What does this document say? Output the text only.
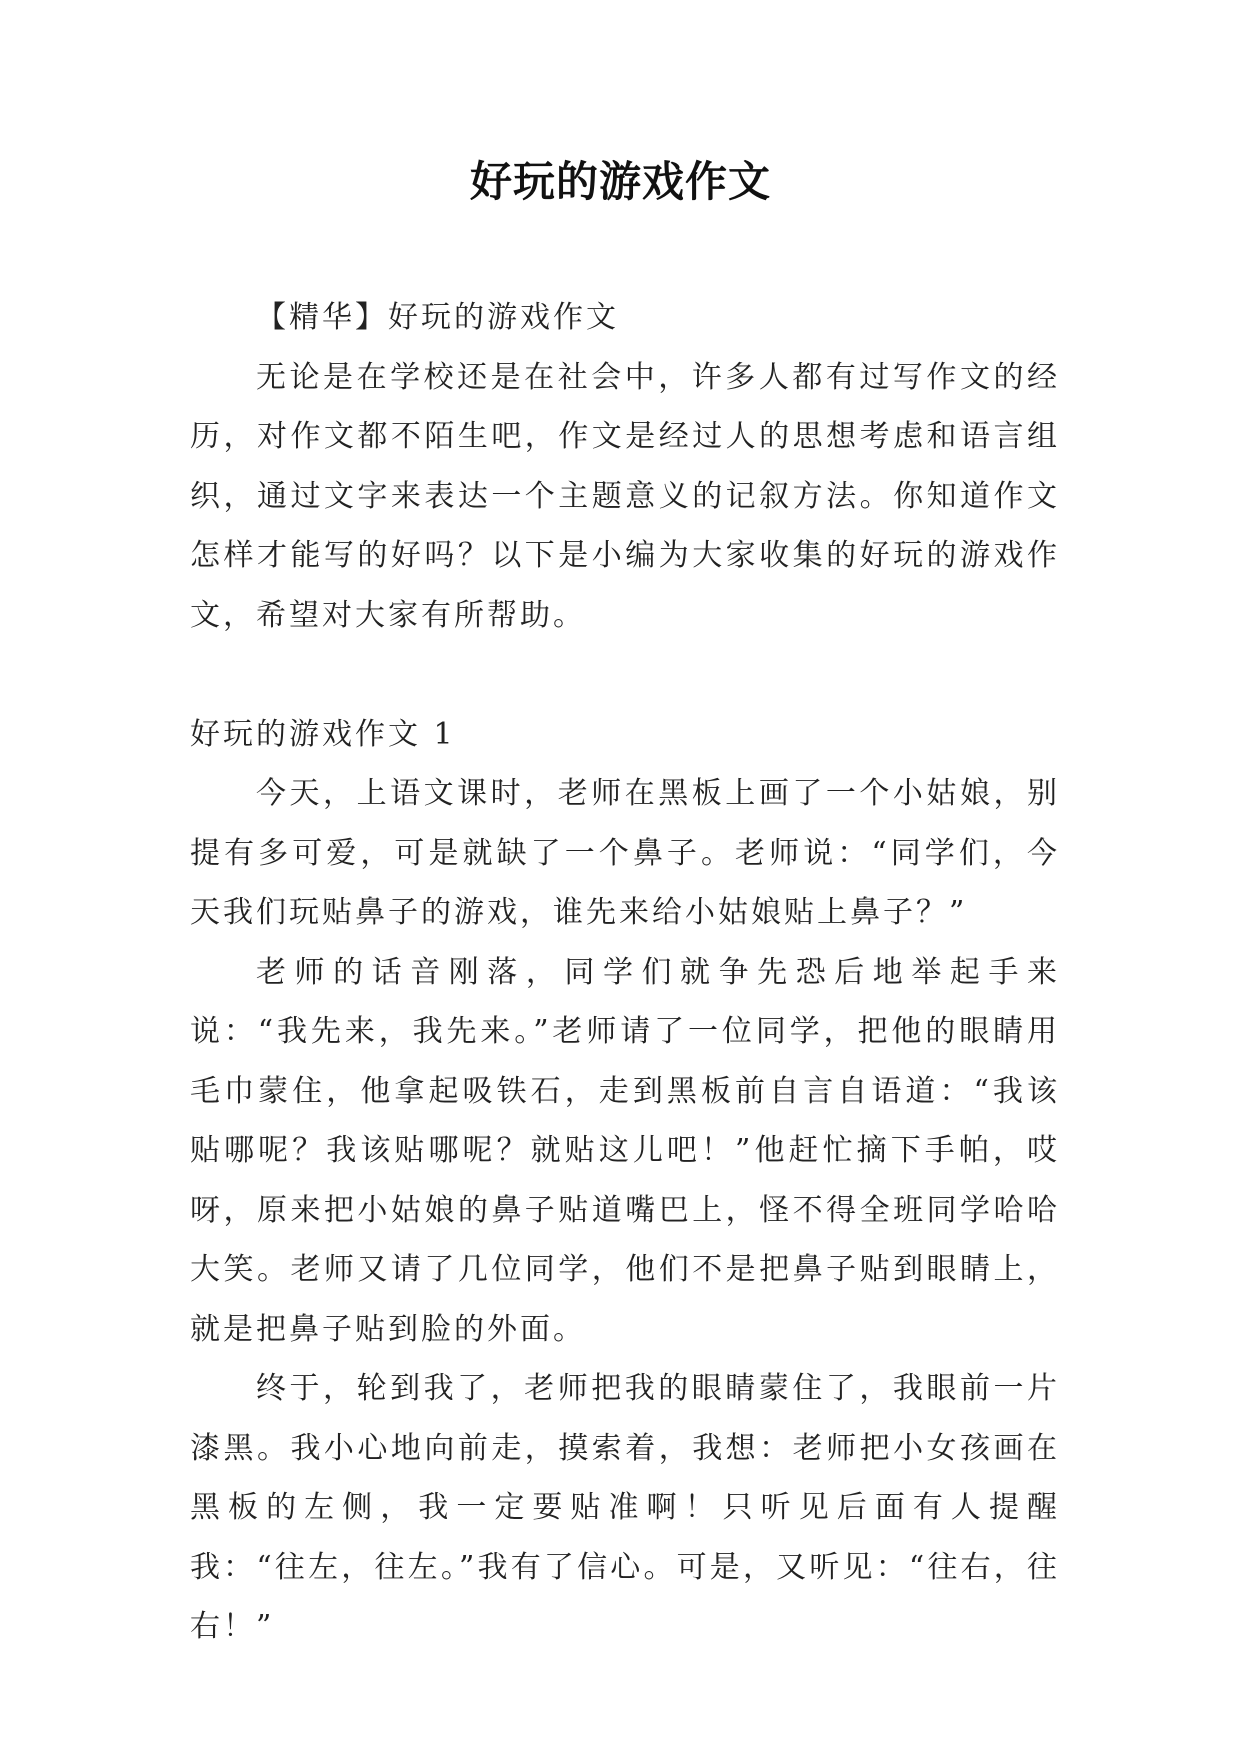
好玩的游戏作文

【精华】好玩的游戏作文

无论是在学校还是在社会中，许多人都有过写作文的经历，对作文都不陌生吧，作文是经过人的思想考虑和语言组织，通过文字来表达一个主题意义的记叙方法。你知道作文怎样才能写的好吗？以下是小编为大家收集的好玩的游戏作文，希望对大家有所帮助。

好玩的游戏作文 1

今天，上语文课时，老师在黑板上画了一个小姑娘，别提有多可爱，可是就缺了一个鼻子。老师说：“同学们，今天我们玩贴鼻子的游戏，谁先来给小姑娘贴上鼻子？”

老师的话音刚落，同学们就争先恐后地举起手来说：“我先来，我先来。”老师请了一位同学，把他的眼睛用毛巾蒙住，他拿起吸铁石，走到黑板前自言自语道：“我该贴哪呢？我该贴哪呢？就贴这儿吧！”他赶忙摘下手帕，哎呀，原来把小姑娘的鼻子贴道嘴巴上，怪不得全班同学哈哈大笑。老师又请了几位同学，他们不是把鼻子贴到眼睛上，就是把鼻子贴到脸的外面。

终于，轮到我了，老师把我的眼睛蒙住了，我眼前一片漆黑。我小心地向前走，摸索着，我想：老师把小女孩画在黑板的左侧，我一定要贴准啊！只听见后面有人提醒我：“往左，往左。”我有了信心。可是，又听见：“往右，往右！”
